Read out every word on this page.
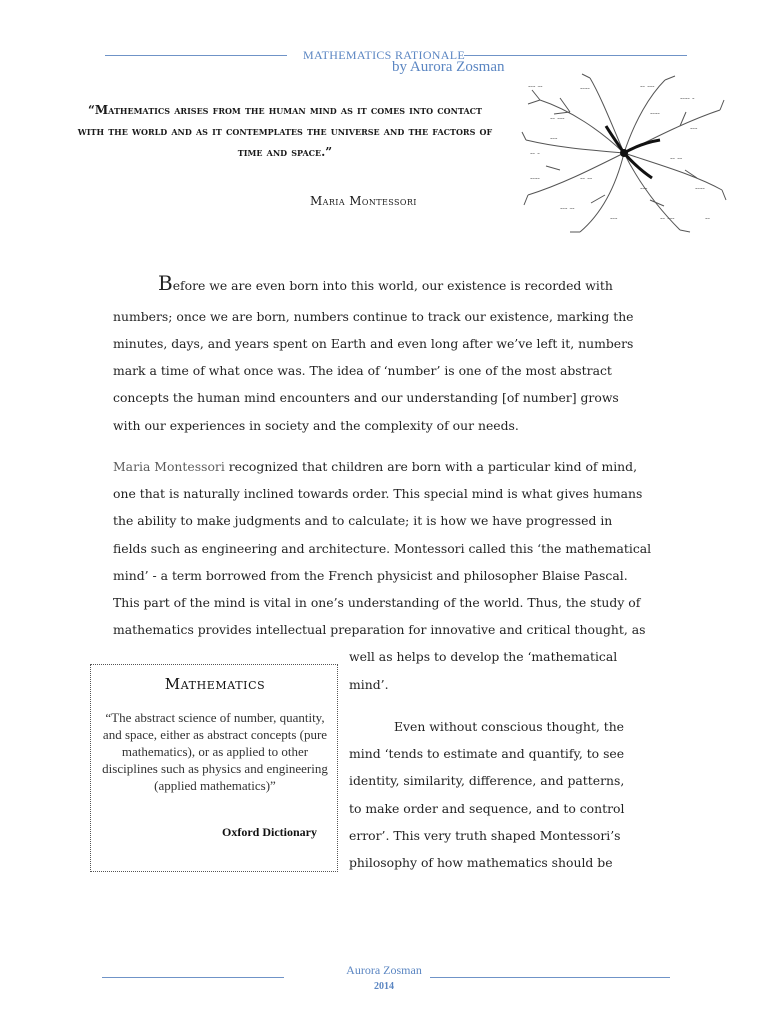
MATHEMATICS RATIONALE
by Aurora Zosman
“Mathematics arises from the human mind as it comes into contact with the world and as it contemplates the universe and the factors of time and space.”
Maria Montessori
~~~ ~~
~~ ~~~
~~~~	~~ ~~~
~~~~ ~
~~~
~~ ~~
~~~~
~~ ~~~
~~~
~~~ ~~
~~~~
~~ ~
~~~
~~~
~~ ~~
~~~~
~~
Before we are even born into this world, our existence is recorded with
numbers; once we are born, numbers continue to track our existence, marking the
minutes, days, and years spent on Earth and even long after we’ve left it, numbers
mark a time of what once was. The idea of ‘number’ is one of the most abstract
concepts the human mind encounters and our understanding [of number] grows
with our experiences in society and the complexity of our needs.
Maria Montessori recognized that children are born with a particular kind of mind,
one that is naturally inclined towards order. This special mind is what gives humans
the ability to make judgments and to calculate; it is how we have progressed in
fields such as engineering and architecture. Montessori called this ‘the mathematical
mind’ - a term borrowed from the French physicist and philosopher Blaise Pascal.
This part of the mind is vital in one’s understanding of the world. Thus, the study of
mathematics provides intellectual preparation for innovative and critical thought, as
well as helps to develop the ‘mathematical
mind’.
Even without conscious thought, the
mind ‘tends to estimate and quantify, to see
identity, similarity, difference, and patterns,
to make order and sequence, and to control
error’. This very truth shaped Montessori’s
philosophy of how mathematics should be
Mathematics
“The abstract science of number, quantity, and space, either as abstract concepts (pure mathematics), or as applied to other disciplines such as physics and engineering (applied mathematics)”
Oxford Dictionary
Aurora Zosman
2014
